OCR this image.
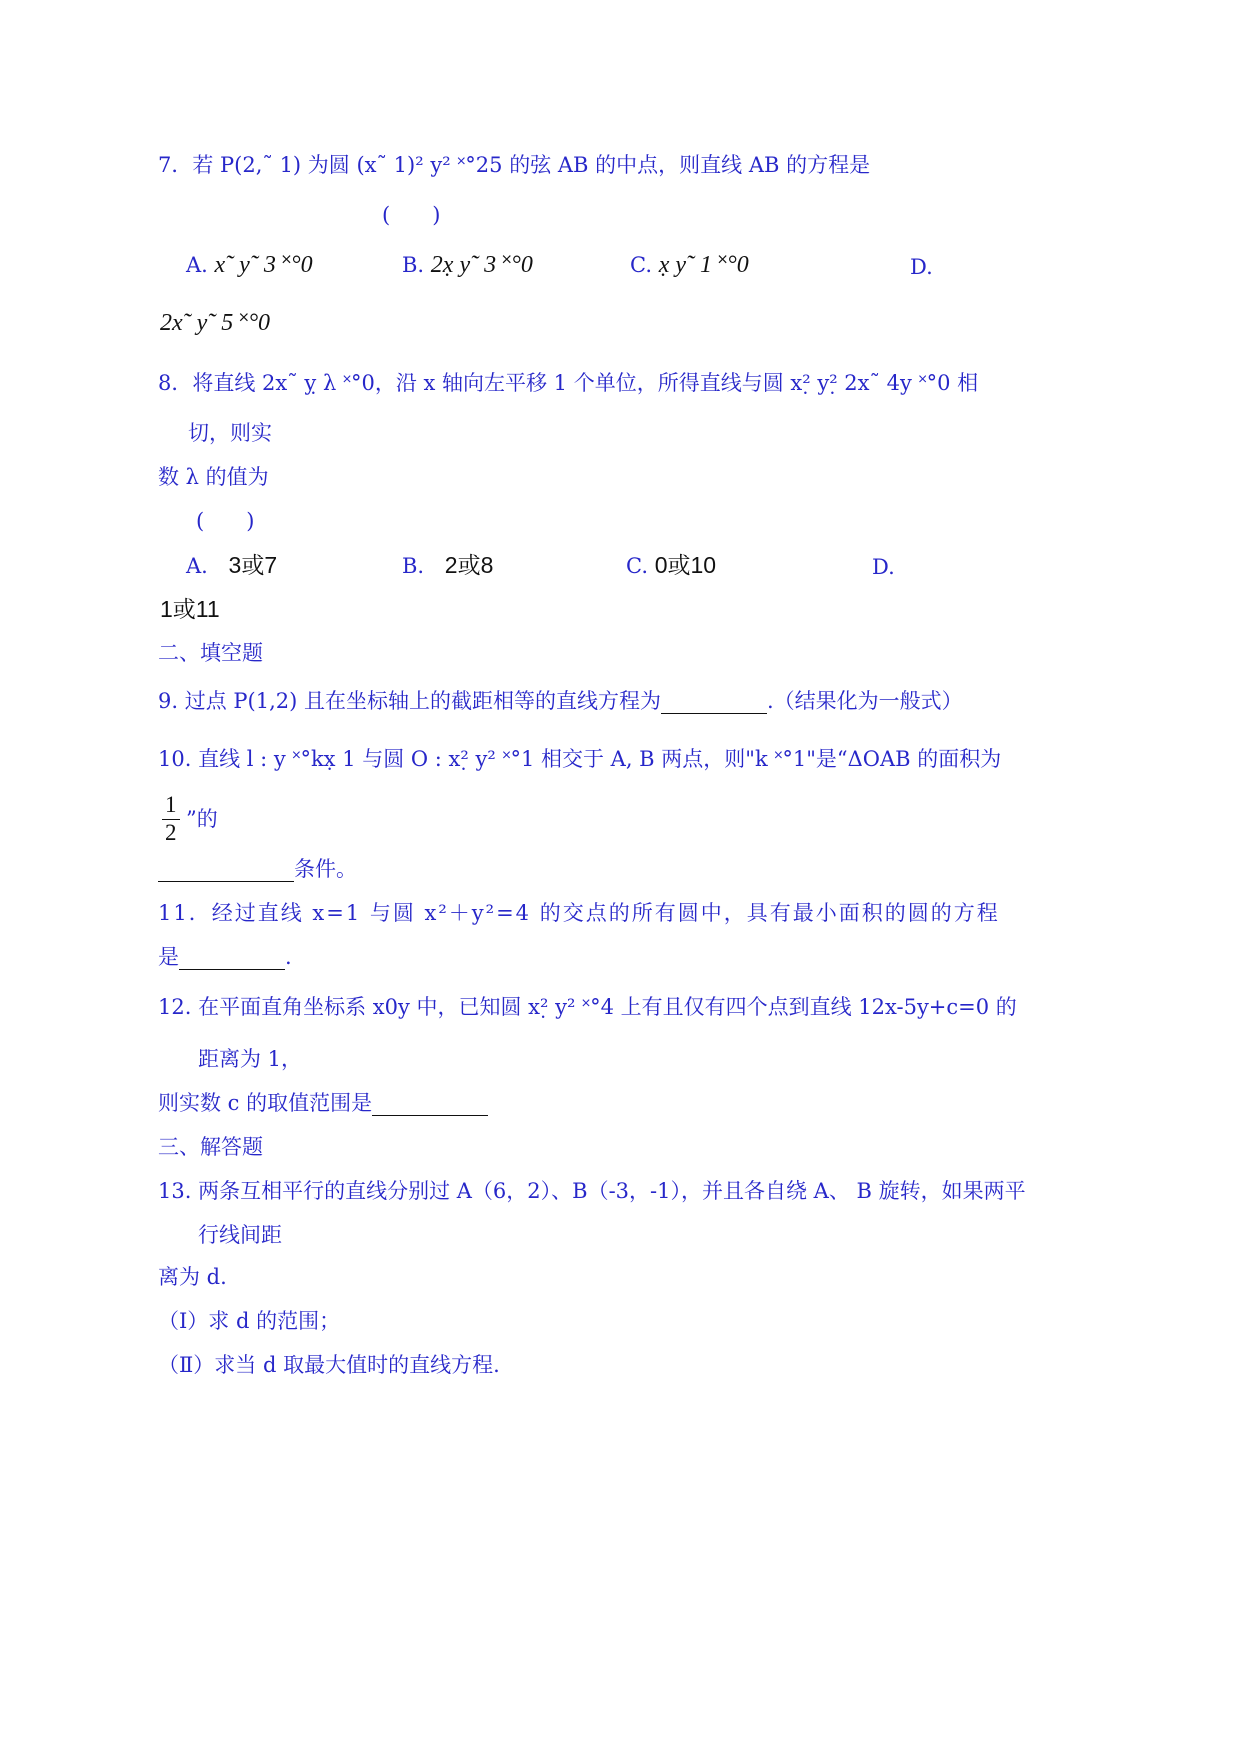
7．若 P(2,˜ 1) 为圆 (x˜ 1)² y² ˟°25 的弦 AB 的中点，则直线 AB 的方程是
(　　)
A. x˜ y˜ 3 ˟°0	B. 2x̣ y˜ 3 ˟°0	C. x̣ y˜ 1 ˟°0	D.
2x˜ y˜ 5 ˟°0
8．将直线 2x˜ ỵ λ ˟°0，沿 x 轴向左平移 1 个单位，所得直线与圆 x²̣ y²̣ 2x˜ 4y ˟°0 相
切，则实
数 λ 的值为
(　　)
A. 3或7	B. 2或8	C. 0或10	D.
1或11
二、填空题
9. 过点 P(1,2) 且在坐标轴上的截距相等的直线方程为	.（结果化为一般式）
10. 直线 l : y ˟°kx̣ 1 与圆 O : x²̣ y² ˟°1 相交于 A, B 两点，则"k ˟°1"是“ΔOAB 的面积为
1
2
”的
条件。
11．经过直线 x=1 与圆 x²＋y²=4 的交点的所有圆中，具有最小面积的圆的方程
是	.
12. 在平面直角坐标系 x0y 中，已知圆 x²̣ y² ˟°4 上有且仅有四个点到直线 12x-5y+c=0 的
距离为 1，
则实数 c 的取值范围是
三、解答题
13. 两条互相平行的直线分别过 A（6，2）、B（-3，-1），并且各自绕 A、 B 旋转，如果两平
行线间距
离为 d.
（Ⅰ）求 d 的范围；
（Ⅱ）求当 d 取最大值时的直线方程.
